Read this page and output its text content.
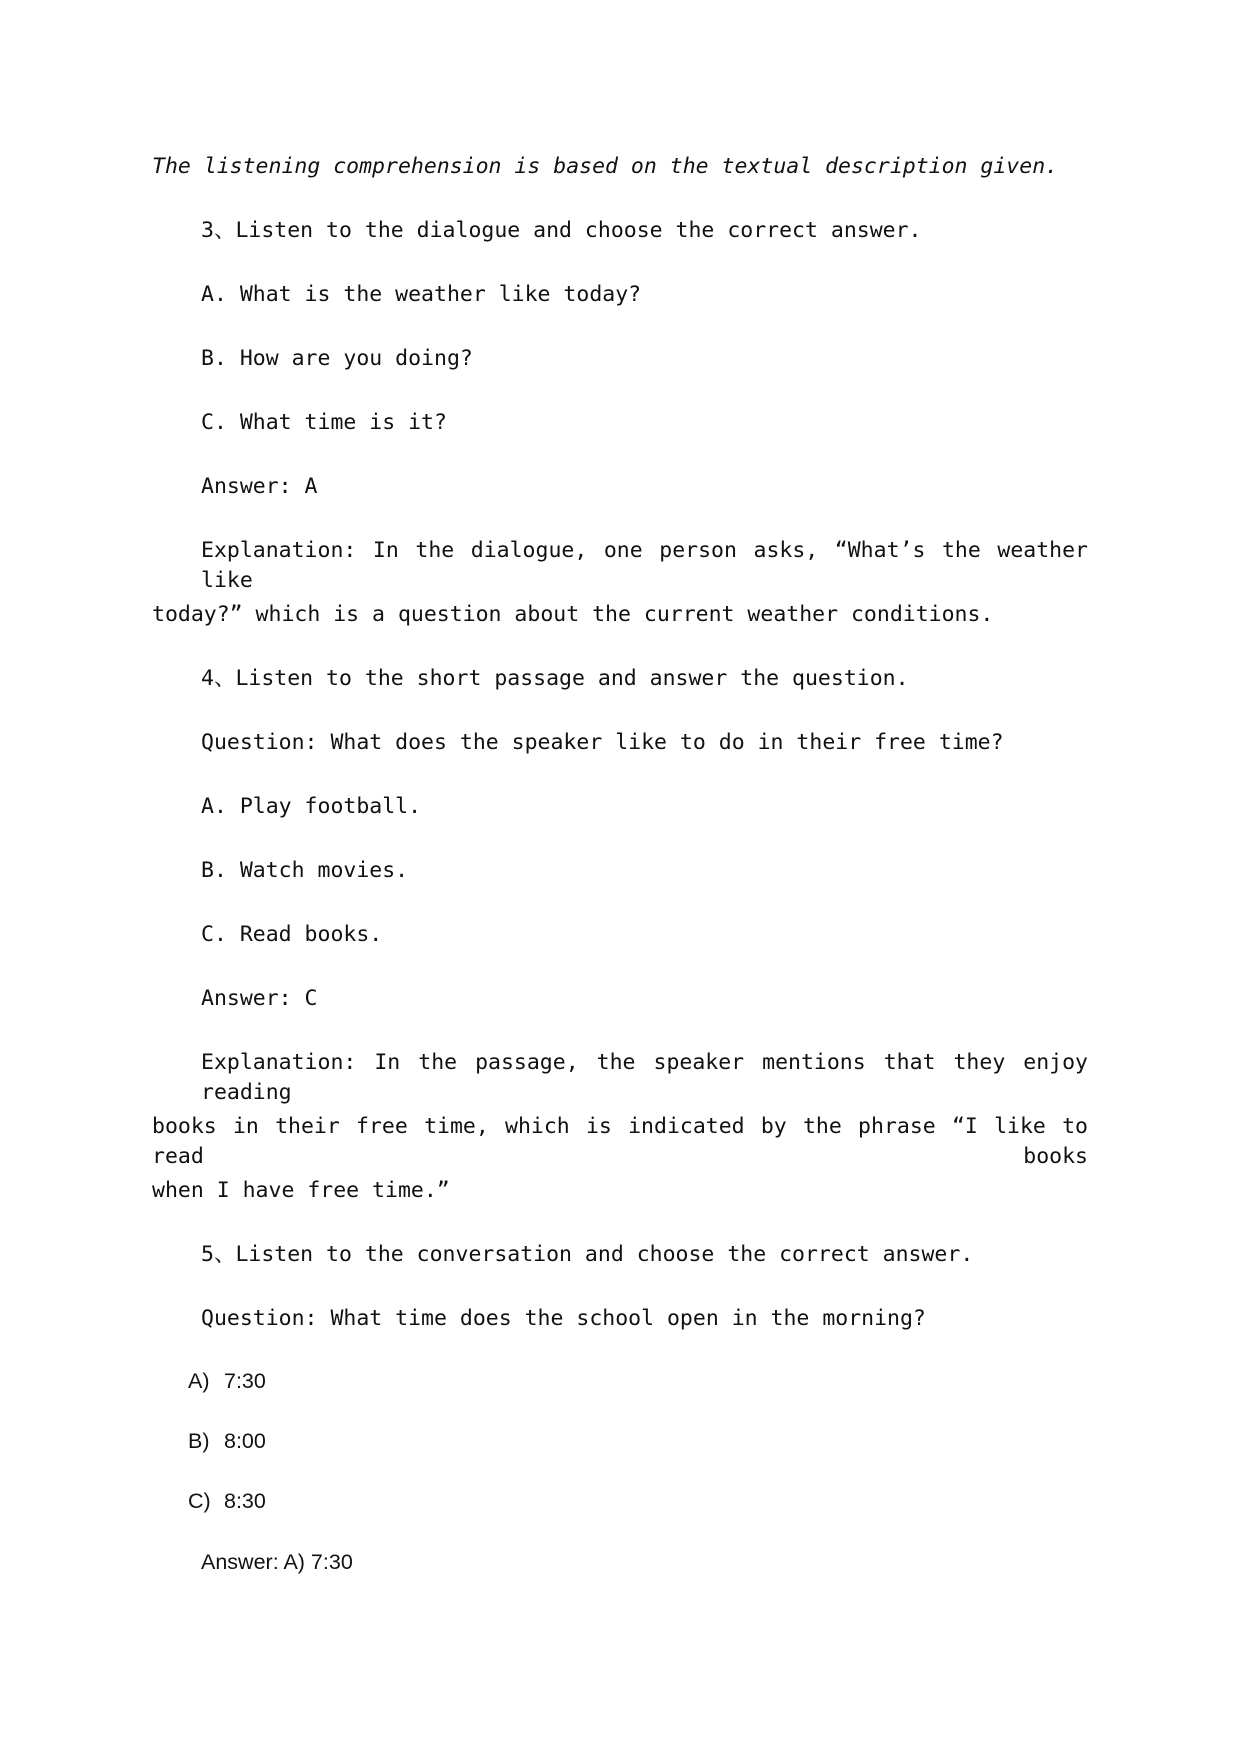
The listening comprehension is based on the textual description given.
3、Listen to the dialogue and choose the correct answer.
A. What is the weather like today?
B. How are you doing?
C. What time is it?
Answer: A
Explanation: In the dialogue, one person asks, “What’s the weather like
today?” which is a question about the current weather conditions.
4、Listen to the short passage and answer the question.
Question: What does the speaker like to do in their free time?
A. Play football.
B. Watch movies.
C. Read books.
Answer: C
Explanation: In the passage, the speaker mentions that they enjoy reading
books in their free time, which is indicated by the phrase “I like to read books
when I have free time.”
5、Listen to the conversation and choose the correct answer.
Question: What time does the school open in the morning?
A) 7:30
B) 8:00
C) 8:30
Answer: A) 7:30
